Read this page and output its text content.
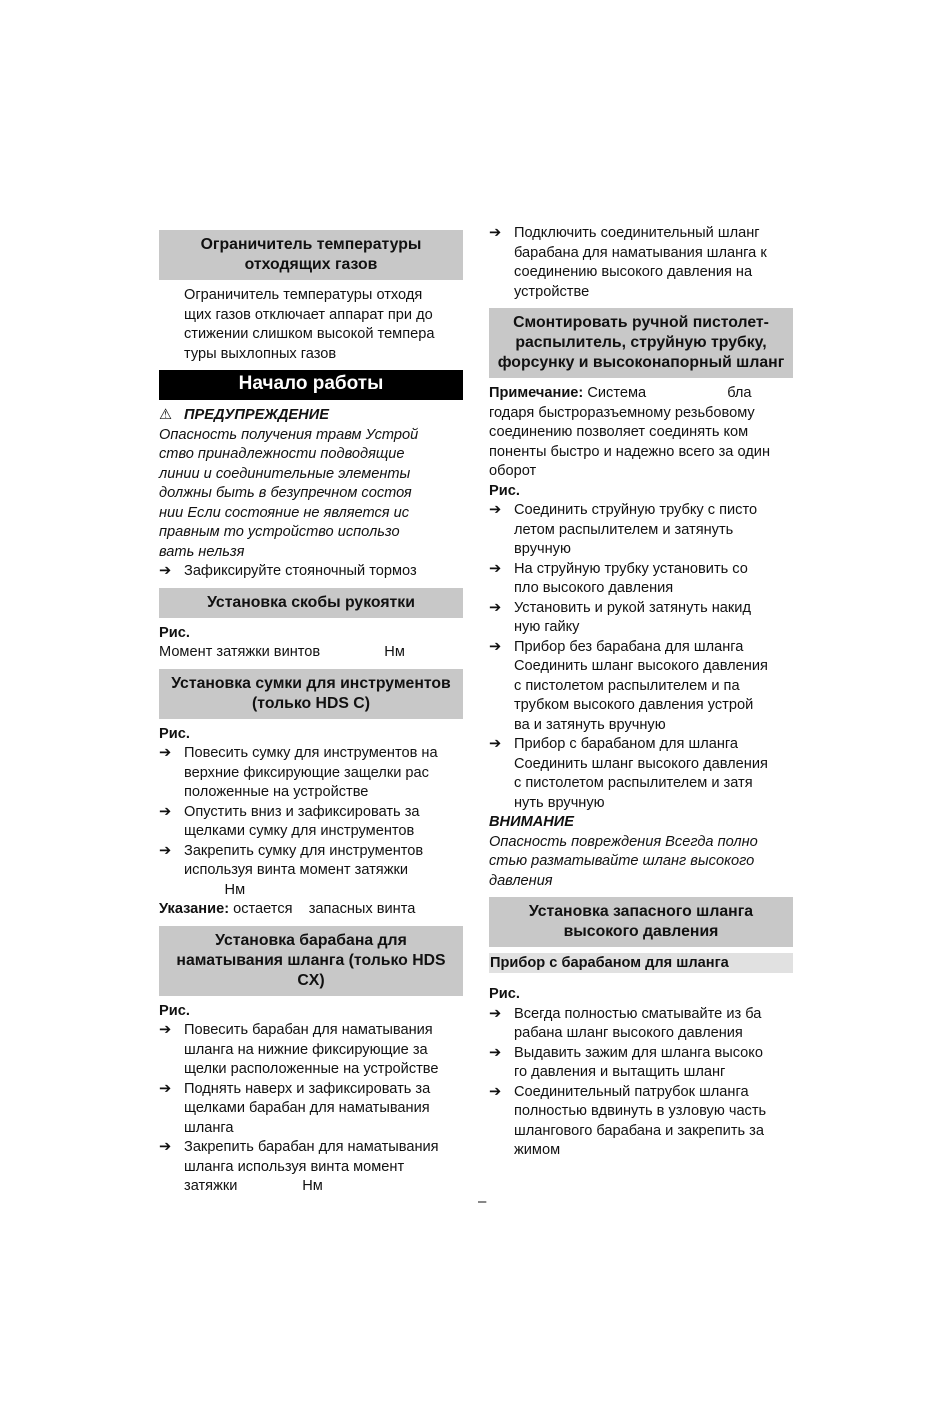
Ограничитель температуры отходящих газов
Ограничитель температуры отходя
щих газов отключает аппарат при до
стижении слишком высокой темпера
туры выхлопных газов
Начало работы
⚠ ПРЕДУПРЕЖДЕНИЕ
Опасность получения травм Устрой
ство принадлежности подводящие
линии и соединительные элементы
должны быть в безупречном состоя
нии Если состояние не является ис
правным то устройство использо
вать нельзя
➔ Зафиксируйте стояночный тормоз
Установка скобы рукоятки
Рис.
Момент затяжки винтов	Нм
Установка сумки для инструментов (только HDS C)
Рис.
➔ Повесить сумку для инструментов на
верхние фиксирующие защелки рас
положенные на устройстве
➔ Опустить вниз и зафиксировать за
щелками сумку для инструментов
➔ Закрепить сумку для инструментов
используя винта момент затяжки
Нм
Указание: остается    запасных винта
Установка барабана для наматывания шланга (только HDS CX)
Рис.
➔ Повесить барабан для наматывания
шланга на нижние фиксирующие за
щелки расположенные на устройстве
➔ Поднять наверх и зафиксировать за
щелками барабан для наматывания
шланга
➔ Закрепить барабан для наматывания
шланга используя винта момент
затяжки                Нм
➔ Подключить соединительный шланг
барабана для наматывания шланга к
соединению высокого давления на
устройстве
Смонтировать ручной пистолет-распылитель, струйную трубку, форсунку и высоконапорный шланг
Примечание: Система                    бла
годаря быстроразъемному резьбовому
соединению позволяет соединять ком
поненты быстро и надежно всего за один
оборот
Рис.
➔ Соединить струйную трубку с писто
летом распылителем и затянуть
вручную
➔ На струйную трубку установить со
пло высокого давления
➔ Установить и рукой затянуть накид
ную гайку
➔ Прибор без барабана для шланга
Соединить шланг высокого давления
с пистолетом распылителем и па
трубком высокого давления устрой
ва и затянуть вручную
➔ Прибор с барабаном для шланга
Соединить шланг высокого давления
с пистолетом распылителем и затя
нуть вручную
ВНИМАНИЕ
Опасность повреждения Всегда полно
стью разматывайте шланг высокого
давления
Установка запасного шланга высокого давления
Прибор с барабаном для шланга
Рис.
➔ Всегда полностью сматывайте из ба
рабана шланг высокого давления
➔ Выдавить зажим для шланга высоко
го давления и вытащить шланг
➔ Соединительный патрубок шланга
полностью вдвинуть в узловую часть
шлангового барабана и закрепить за
жимом
–
